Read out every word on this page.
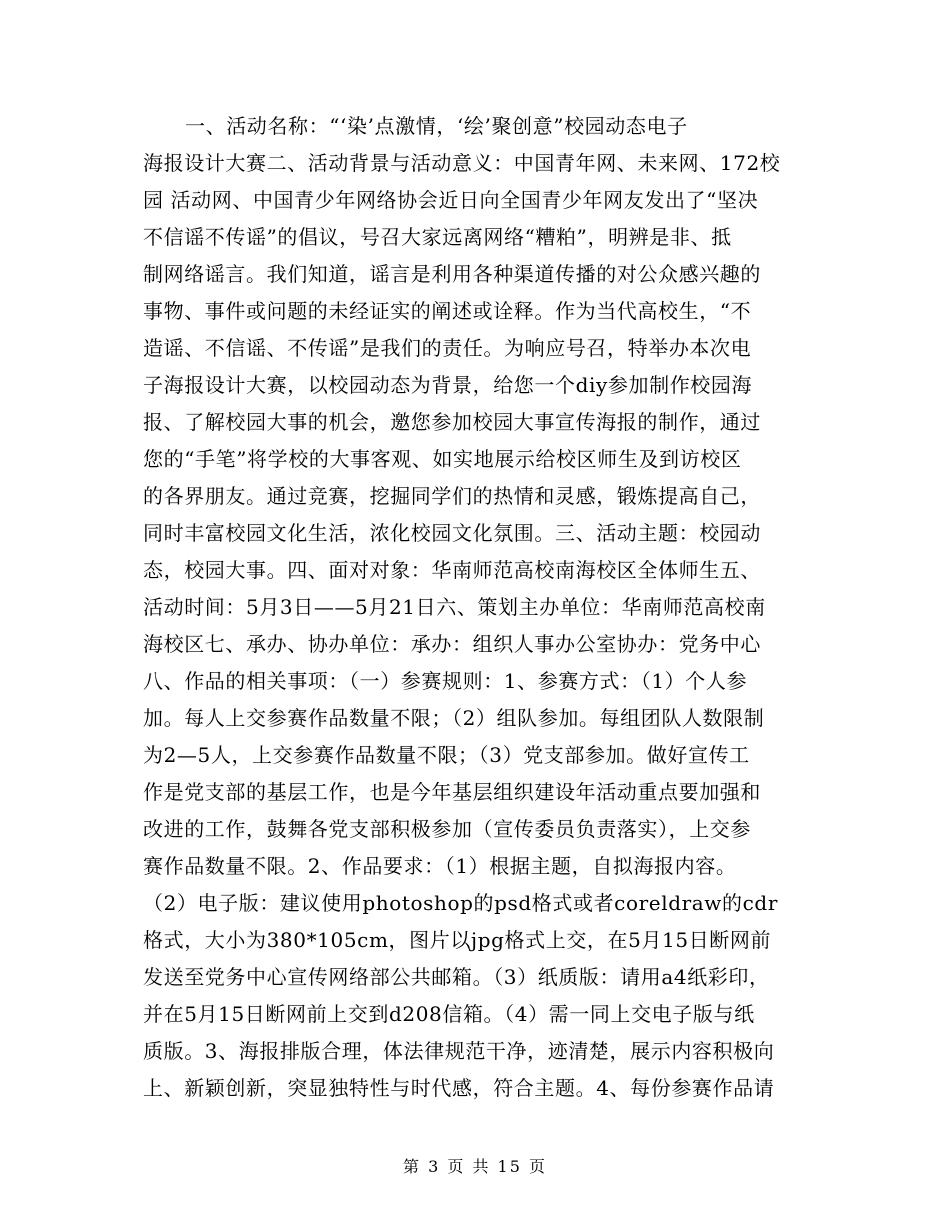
一、活动名称：“‘染’点激情，‘绘’聚创意”校园动态电子
海报设计大赛二、活动背景与活动意义：中国青年网、未来网、172校
园 活动网、中国青少年网络协会近日向全国青少年网友发出了“坚决
不信谣不传谣”的倡议，号召大家远离网络“糟粕”，明辨是非、抵
制网络谣言。我们知道，谣言是利用各种渠道传播的对公众感兴趣的
事物、事件或问题的未经证实的阐述或诠释。作为当代高校生，“不
造谣、不信谣、不传谣”是我们的责任。为响应号召，特举办本次电
子海报设计大赛，以校园动态为背景，给您一个diy参加制作校园海
报、了解校园大事的机会，邀您参加校园大事宣传海报的制作，通过
您的“手笔”将学校的大事客观、如实地展示给校区师生及到访校区
的各界朋友。通过竞赛，挖掘同学们的热情和灵感，锻炼提高自己，
同时丰富校园文化生活，浓化校园文化氛围。三、活动主题：校园动
态，校园大事。四、面对对象：华南师范高校南海校区全体师生五、
活动时间：5月3日——5月21日六、策划主办单位：华南师范高校南
海校区七、承办、协办单位：承办：组织人事办公室协办：党务中心
八、作品的相关事项：（一）参赛规则：1、参赛方式：（1）个人参
加。每人上交参赛作品数量不限；（2）组队参加。每组团队人数限制
为2—5人，上交参赛作品数量不限；（3）党支部参加。做好宣传工
作是党支部的基层工作，也是今年基层组织建设年活动重点要加强和
改进的工作，鼓舞各党支部积极参加（宣传委员负责落实），上交参
赛作品数量不限。2、作品要求：（1）根据主题，自拟海报内容。
（2）电子版：建议使用photoshop的psd格式或者coreldraw的cdr
格式，大小为380*105cm，图片以jpg格式上交，在5月15日断网前
发送至党务中心宣传网络部公共邮箱。（3）纸质版：请用a4纸彩印，
并在5月15日断网前上交到d208信箱。（4）需一同上交电子版与纸
质版。3、海报排版合理，体法律规范干净，迹清楚，展示内容积极向
上、新颖创新，突显独特性与时代感，符合主题。4、每份参赛作品请
第 3 页 共 15 页
